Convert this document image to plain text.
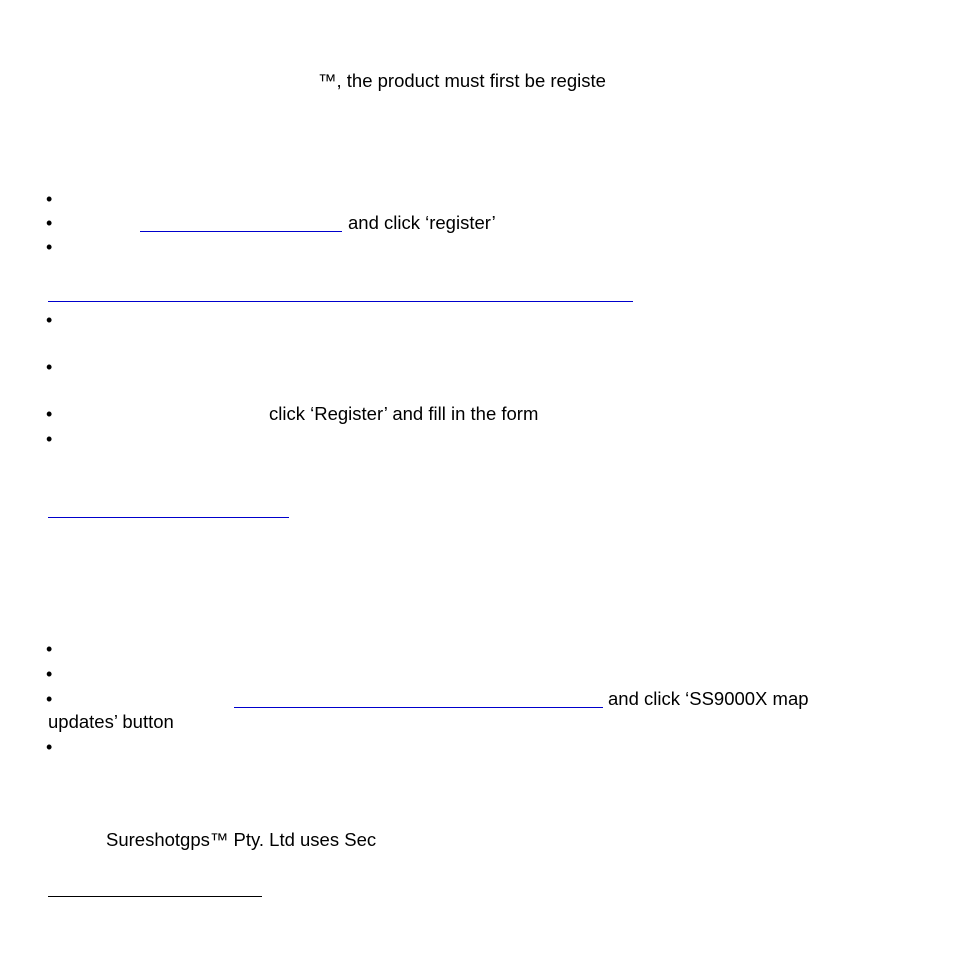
™, the product must first be registe
•
•	and click ‘register’
•
•
•
•	click ‘Register’ and fill in the form
•
•
•
•	and click ‘SS9000X map
updates’ button
•
Sureshotgps™ Pty. Ltd uses Sec
